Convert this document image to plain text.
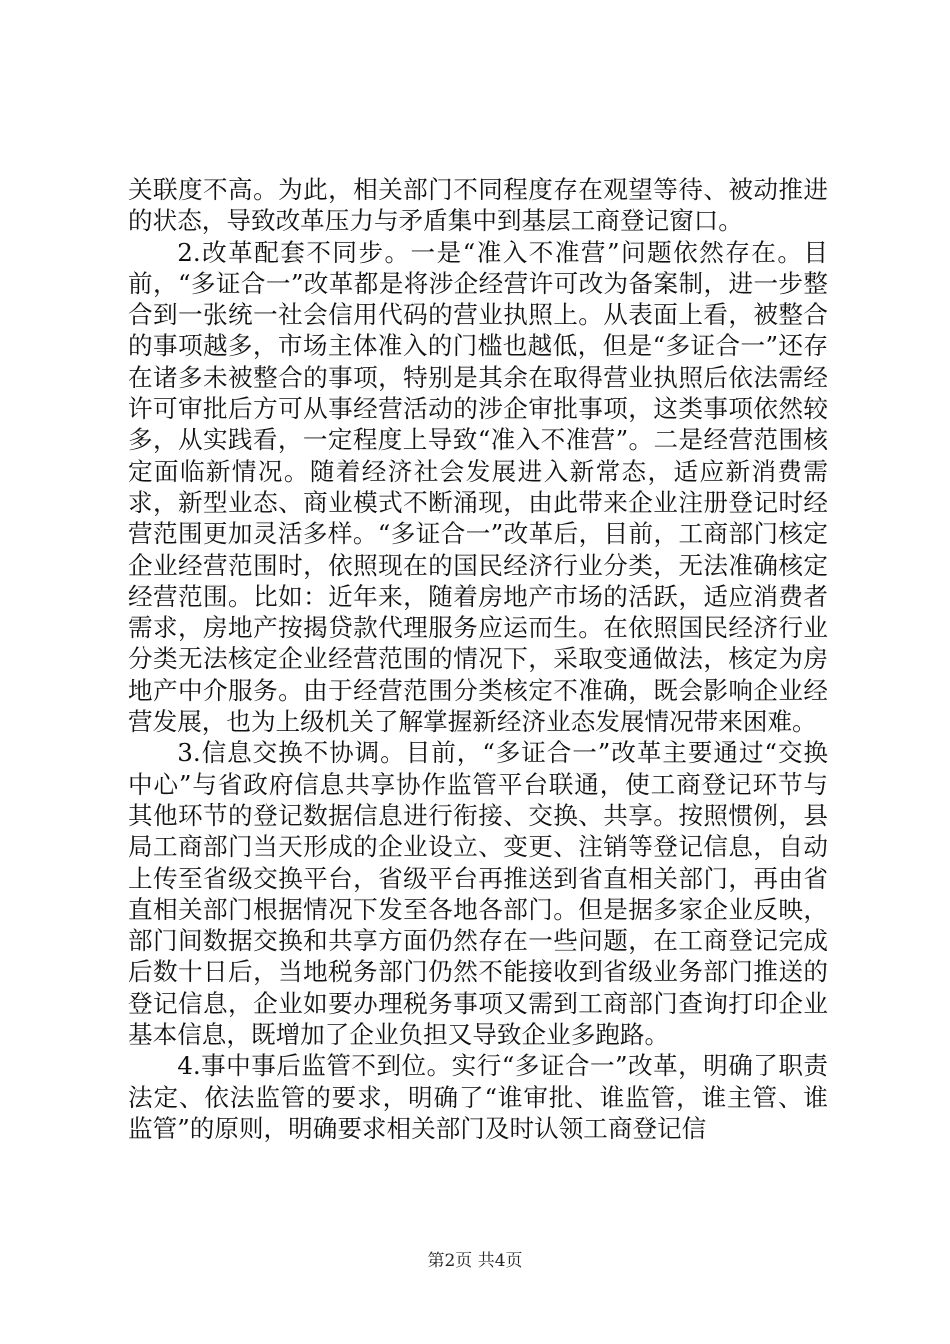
关联度不高。为此，相关部门不同程度存在观望等待、被动推进的状态，导致改革压力与矛盾集中到基层工商登记窗口。

2.改革配套不同步。一是“准入不准营”问题依然存在。目前，“多证合一”改革都是将涉企经营许可改为备案制，进一步整合到一张统一社会信用代码的营业执照上。从表面上看，被整合的事项越多，市场主体准入的门槛也越低，但是“多证合一”还存在诸多未被整合的事项，特别是其余在取得营业执照后依法需经许可审批后方可从事经营活动的涉企审批事项，这类事项依然较多，从实践看，一定程度上导致“准入不准营”。二是经营范围核定面临新情况。随着经济社会发展进入新常态，适应新消费需求，新型业态、商业模式不断涌现，由此带来企业注册登记时经营范围更加灵活多样。“多证合一”改革后，目前，工商部门核定企业经营范围时，依照现在的国民经济行业分类，无法准确核定经营范围。比如：近年来，随着房地产市场的活跃，适应消费者需求，房地产按揭贷款代理服务应运而生。在依照国民经济行业分类无法核定企业经营范围的情况下，采取变通做法，核定为房地产中介服务。由于经营范围分类核定不准确，既会影响企业经营发展，也为上级机关了解掌握新经济业态发展情况带来困难。

3.信息交换不协调。目前，“多证合一”改革主要通过“交换中心”与省政府信息共享协作监管平台联通，使工商登记环节与其他环节的登记数据信息进行衔接、交换、共享。按照惯例，县局工商部门当天形成的企业设立、变更、注销等登记信息，自动上传至省级交换平台，省级平台再推送到省直相关部门，再由省直相关部门根据情况下发至各地各部门。但是据多家企业反映，部门间数据交换和共享方面仍然存在一些问题，在工商登记完成后数十日后，当地税务部门仍然不能接收到省级业务部门推送的登记信息，企业如要办理税务事项又需到工商部门查询打印企业基本信息，既增加了企业负担又导致企业多跑路。

4.事中事后监管不到位。实行“多证合一”改革，明确了职责法定、依法监管的要求，明确了“谁审批、谁监管，谁主管、谁监管”的原则，明确要求相关部门及时认领工商登记信

第2页 共4页
